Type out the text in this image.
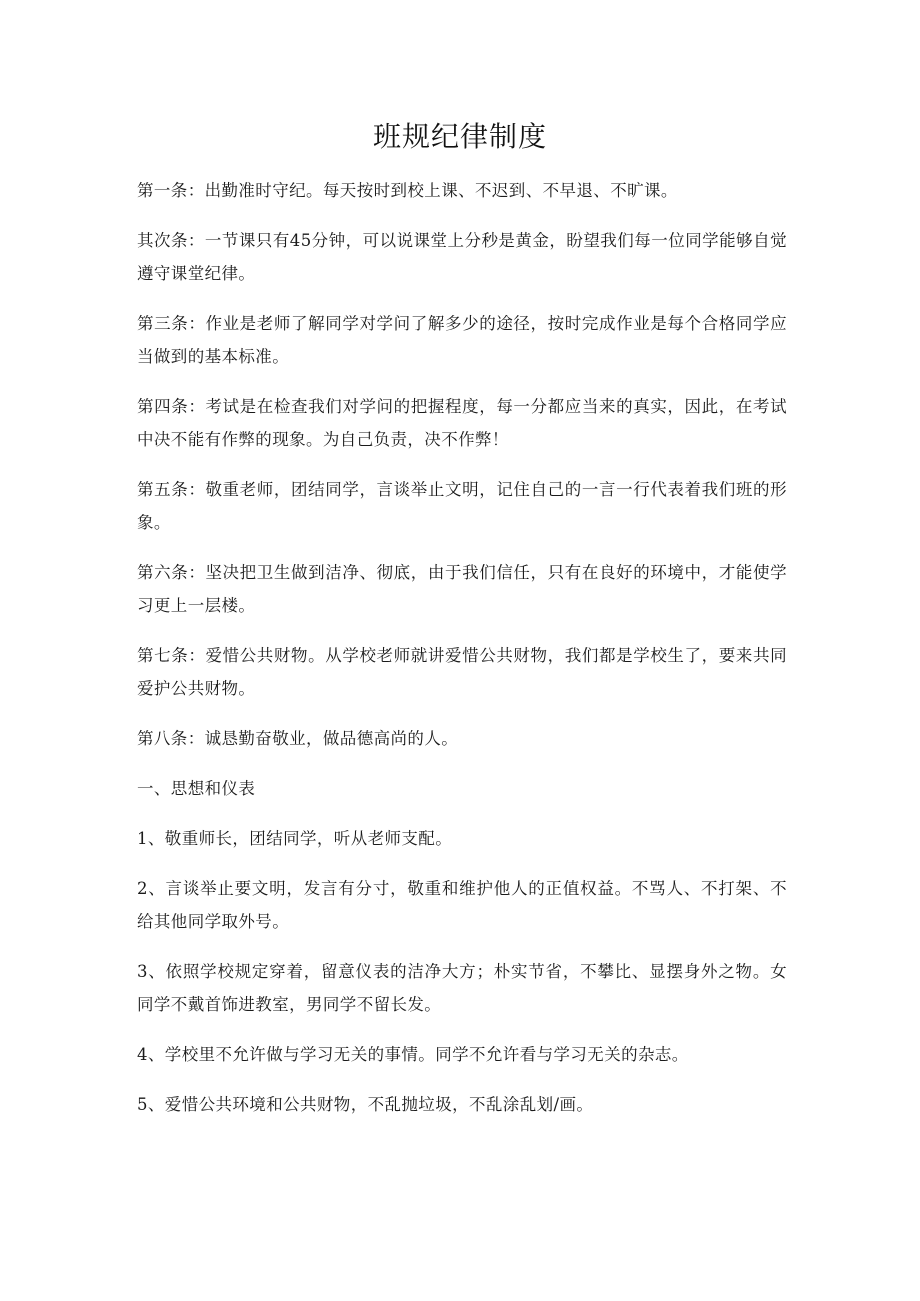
班规纪律制度

第一条：出勤准时守纪。每天按时到校上课、不迟到、不早退、不旷课。

其次条：一节课只有45分钟，可以说课堂上分秒是黄金，盼望我们每一位同学能够自觉遵守课堂纪律。

第三条：作业是老师了解同学对学问了解多少的途径，按时完成作业是每个合格同学应当做到的基本标准。

第四条：考试是在检查我们对学问的把握程度，每一分都应当来的真实，因此，在考试中决不能有作弊的现象。为自己负责，决不作弊！

第五条：敬重老师，团结同学，言谈举止文明，记住自己的一言一行代表着我们班的形象。

第六条：坚决把卫生做到洁净、彻底，由于我们信任，只有在良好的环境中，才能使学习更上一层楼。

第七条：爱惜公共财物。从学校老师就讲爱惜公共财物，我们都是学校生了，要来共同爱护公共财物。

第八条：诚恳勤奋敬业，做品德高尚的人。

一、思想和仪表

1、敬重师长，团结同学，听从老师支配。

2、言谈举止要文明，发言有分寸，敬重和维护他人的正值权益。不骂人、不打架、不给其他同学取外号。

3、依照学校规定穿着，留意仪表的洁净大方；朴实节省，不攀比、显摆身外之物。女同学不戴首饰进教室，男同学不留长发。

4、学校里不允许做与学习无关的事情。同学不允许看与学习无关的杂志。

5、爱惜公共环境和公共财物，不乱抛垃圾，不乱涂乱划/画。
